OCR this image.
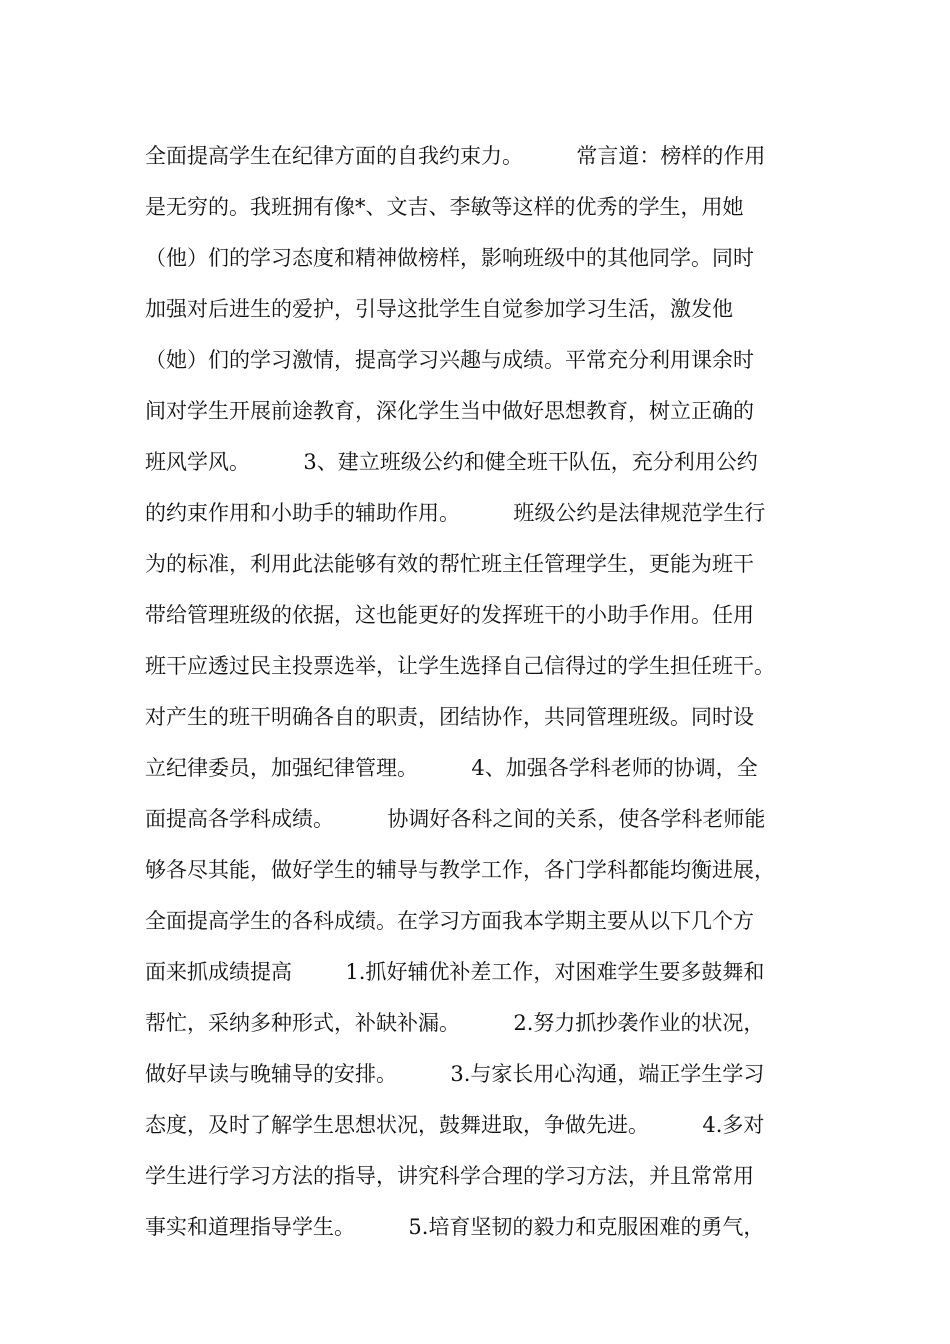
全面提高学生在纪律方面的自我约束力。        常言道：榜样的作用
是无穷的。我班拥有像*、文吉、李敏等这样的优秀的学生，用她
（他）们的学习态度和精神做榜样，影响班级中的其他同学。同时
加强对后进生的爱护，引导这批学生自觉参加学习生活，激发他
（她）们的学习激情，提高学习兴趣与成绩。平常充分利用课余时
间对学生开展前途教育，深化学生当中做好思想教育，树立正确的
班风学风。        3、建立班级公约和健全班干队伍，充分利用公约
的约束作用和小助手的辅助作用。        班级公约是法律规范学生行
为的标准，利用此法能够有效的帮忙班主任管理学生，更能为班干
带给管理班级的依据，这也能更好的发挥班干的小助手作用。任用
班干应透过民主投票选举，让学生选择自己信得过的学生担任班干。
对产生的班干明确各自的职责，团结协作，共同管理班级。同时设
立纪律委员，加强纪律管理。        4、加强各学科老师的协调，全
面提高各学科成绩。        协调好各科之间的关系，使各学科老师能
够各尽其能，做好学生的辅导与教学工作，各门学科都能均衡进展，
全面提高学生的各科成绩。在学习方面我本学期主要从以下几个方
面来抓成绩提高        1.抓好辅优补差工作，对困难学生要多鼓舞和
帮忙，采纳多种形式，补缺补漏。        2.努力抓抄袭作业的状况，
做好早读与晚辅导的安排。        3.与家长用心沟通，端正学生学习
态度，及时了解学生思想状况，鼓舞进取，争做先进。        4.多对
学生进行学习方法的指导，讲究科学合理的学习方法，并且常常用
事实和道理指导学生。        5.培育坚韧的毅力和克服困难的勇气，
